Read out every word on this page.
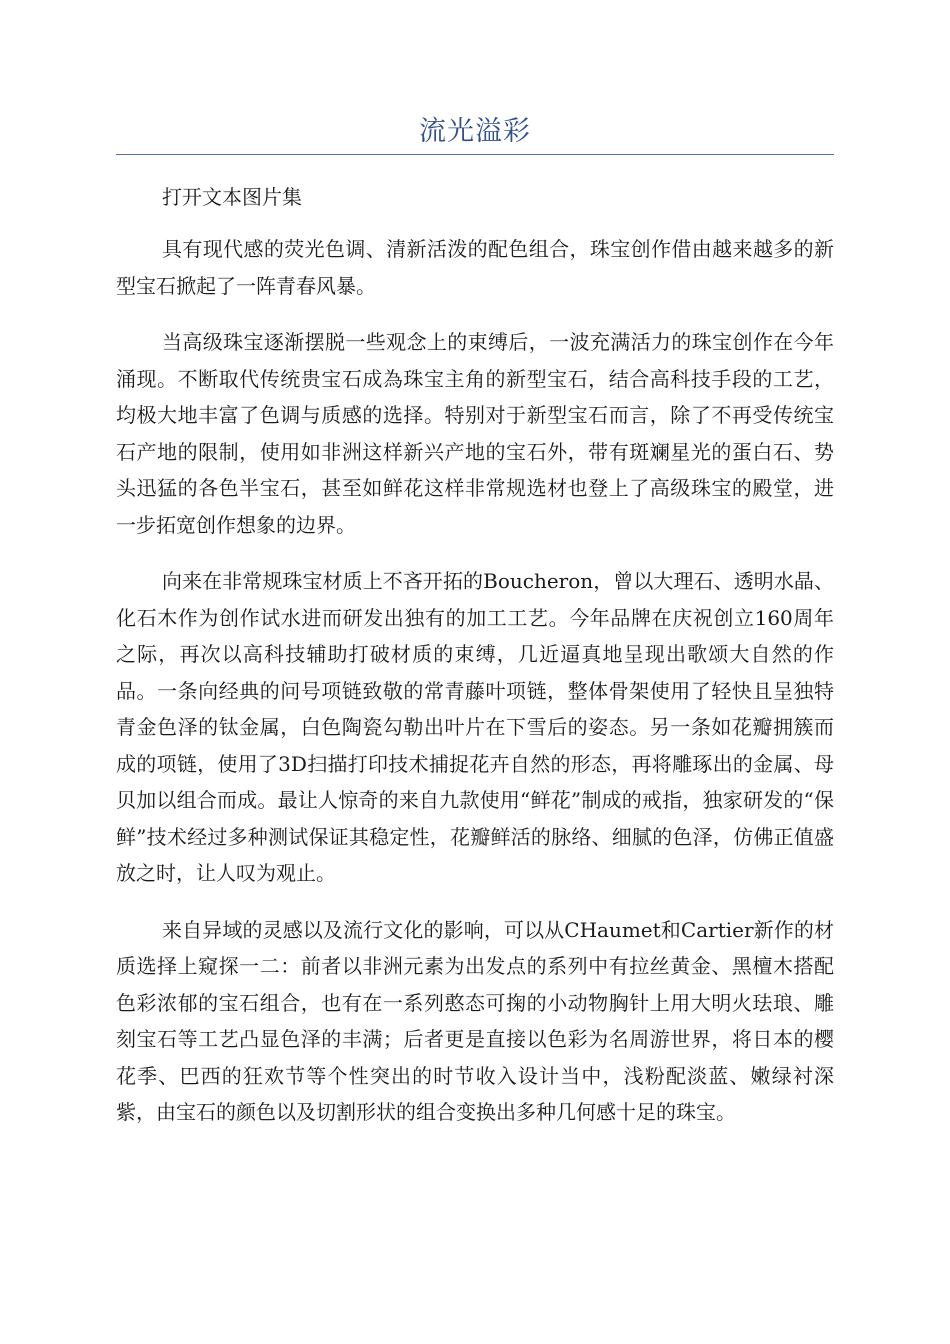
流光溢彩
打开文本图片集

具有现代感的荧光色调、清新活泼的配色组合，珠宝创作借由越来越多的新型宝石掀起了一阵青春风暴。

当高级珠宝逐渐摆脱一些观念上的束缚后，一波充满活力的珠宝创作在今年涌现。不断取代传统贵宝石成為珠宝主角的新型宝石，结合高科技手段的工艺，均极大地丰富了色调与质感的选择。特别对于新型宝石而言，除了不再受传统宝石产地的限制，使用如非洲这样新兴产地的宝石外，带有斑斓星光的蛋白石、势头迅猛的各色半宝石，甚至如鲜花这样非常规选材也登上了高级珠宝的殿堂，进一步拓宽创作想象的边界。

向来在非常规珠宝材质上不吝开拓的Boucheron，曾以大理石、透明水晶、化石木作为创作试水进而研发出独有的加工工艺。今年品牌在庆祝创立160周年之际，再次以高科技辅助打破材质的束缚，几近逼真地呈现出歌颂大自然的作品。一条向经典的问号项链致敬的常青藤叶项链，整体骨架使用了轻快且呈独特青金色泽的钛金属，白色陶瓷勾勒出叶片在下雪后的姿态。另一条如花瓣拥簇而成的项链，使用了3D扫描打印技术捕捉花卉自然的形态，再将雕琢出的金属、母贝加以组合而成。最让人惊奇的来自九款使用“鲜花”制成的戒指，独家研发的“保鲜”技术经过多种测试保证其稳定性，花瓣鲜活的脉络、细腻的色泽，仿佛正值盛放之时，让人叹为观止。

来自异域的灵感以及流行文化的影响，可以从CHaumet和Cartier新作的材质选择上窥探一二：前者以非洲元素为出发点的系列中有拉丝黄金、黑檀木搭配色彩浓郁的宝石组合，也有在一系列憨态可掬的小动物胸针上用大明火珐琅、雕刻宝石等工艺凸显色泽的丰满；后者更是直接以色彩为名周游世界，将日本的樱花季、巴西的狂欢节等个性突出的时节收入设计当中，浅粉配淡蓝、嫩绿衬深紫，由宝石的颜色以及切割形状的组合变换出多种几何感十足的珠宝。
